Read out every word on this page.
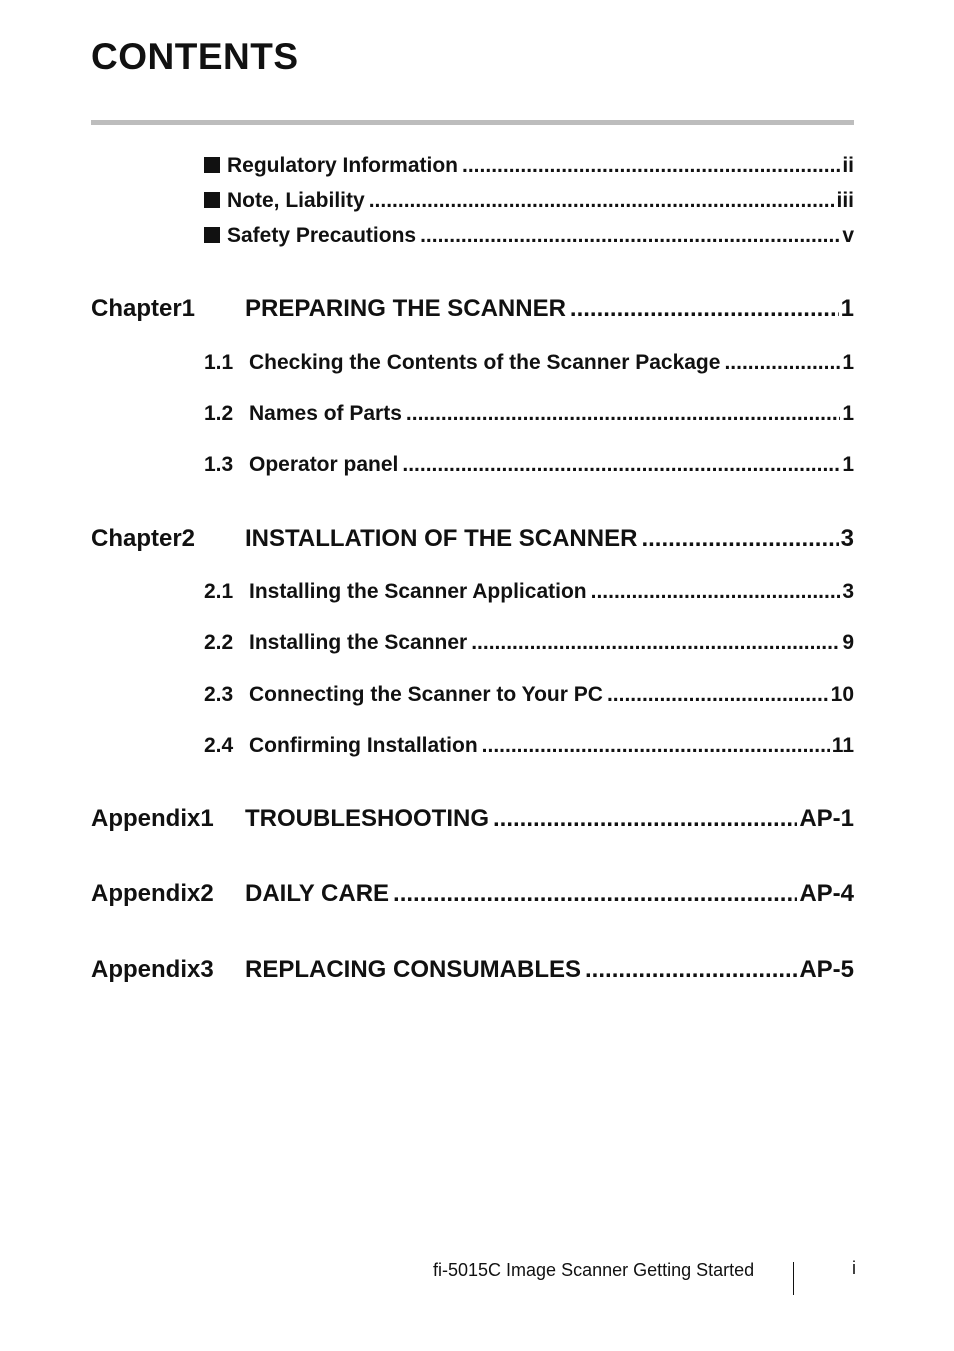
CONTENTS
Regulatory Information .....	ii
Note, Liability .....	iii
Safety Precautions .....	v
Chapter1 PREPARING THE SCANNER .....	1
1.1 Checking the Contents of the Scanner Package .....	1
1.2 Names of Parts .....	1
1.3 Operator panel .....	1
Chapter2 INSTALLATION OF THE SCANNER .....	3
2.1 Installing the Scanner Application .....	3
2.2 Installing the Scanner .....	9
2.3 Connecting the Scanner to Your PC .....	10
2.4 Confirming Installation .....	11
Appendix1 TROUBLESHOOTING .....	AP-1
Appendix2 DAILY CARE .....	AP-4
Appendix3 REPLACING CONSUMABLES .....	AP-5
fi-5015C Image Scanner Getting Started	i
